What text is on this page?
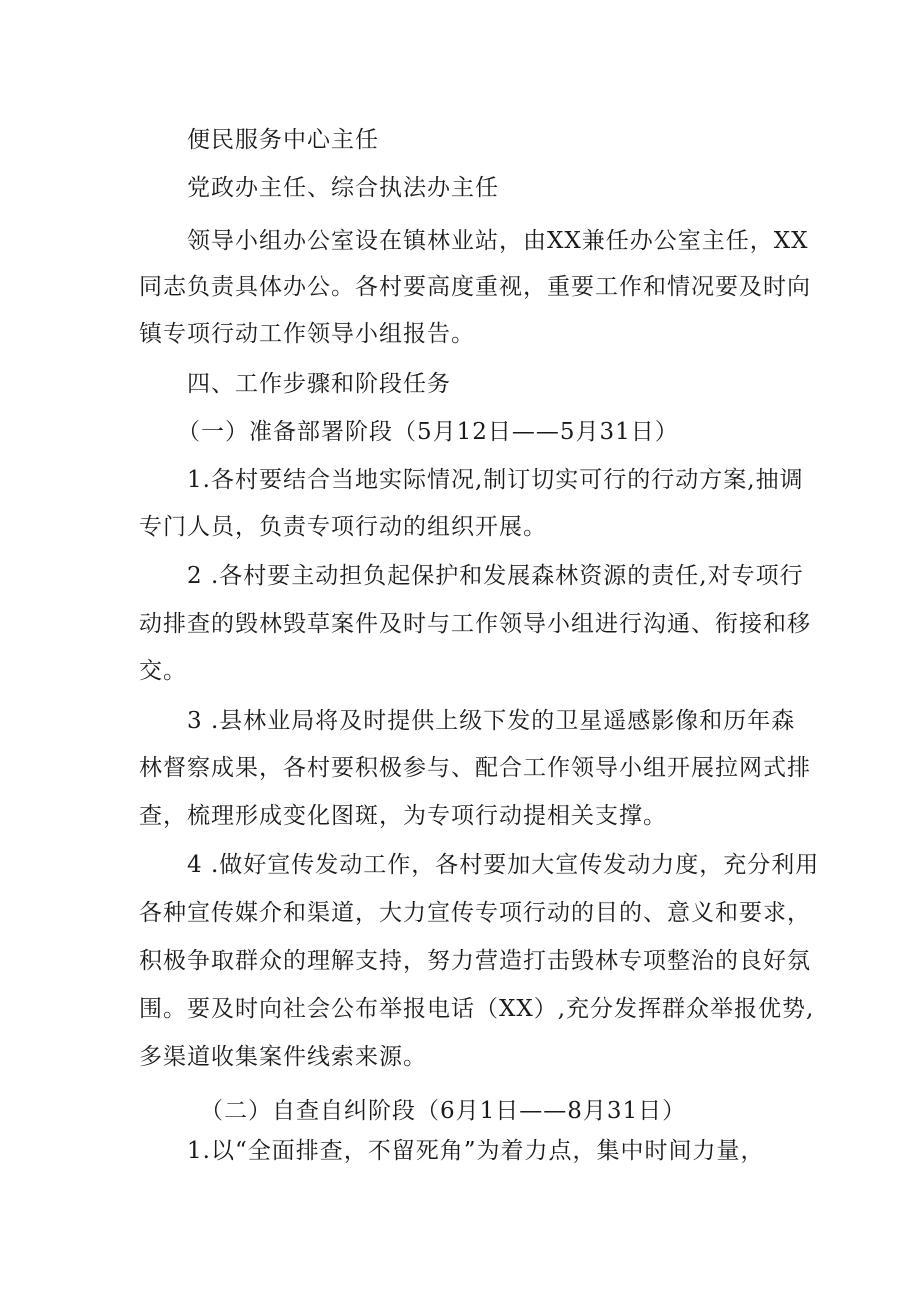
便民服务中心主任
党政办主任、综合执法办主任
领导小组办公室设在镇林业站，由XX兼任办公室主任，XX
同志负责具体办公。各村要高度重视，重要工作和情况要及时向
镇专项行动工作领导小组报告。
四、工作步骤和阶段任务
（一）准备部署阶段（5月12日——5月31日）
1.各村要结合当地实际情况,制订切实可行的行动方案,抽调
专门人员，负责专项行动的组织开展。
2 .各村要主动担负起保护和发展森林资源的责任,对专项行
动排查的毁林毁草案件及时与工作领导小组进行沟通、衔接和移
交。
3 .县林业局将及时提供上级下发的卫星遥感影像和历年森
林督察成果，各村要积极参与、配合工作领导小组开展拉网式排
查，梳理形成变化图斑，为专项行动提相关支撑。
4 .做好宣传发动工作，各村要加大宣传发动力度，充分利用
各种宣传媒介和渠道，大力宣传专项行动的目的、意义和要求，
积极争取群众的理解支持，努力营造打击毁林专项整治的良好氛
围。要及时向社会公布举报电话（XX）,充分发挥群众举报优势,
多渠道收集案件线索来源。
（二）自查自纠阶段（6月1日——8月31日）
1.以“全面排查，不留死角”为着力点，集中时间力量，
